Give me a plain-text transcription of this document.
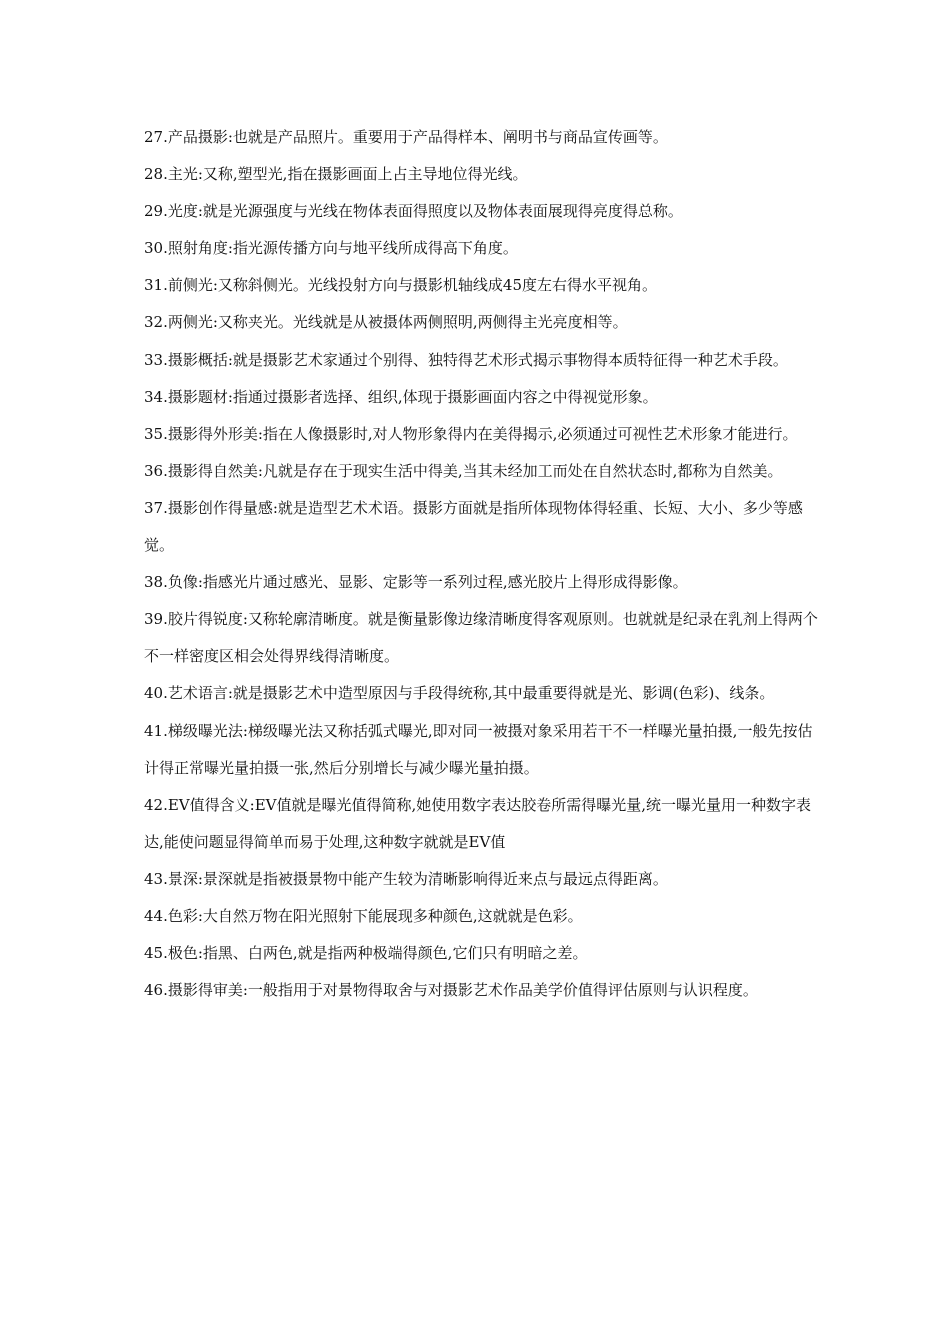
27.产品摄影:也就是产品照片。重要用于产品得样本、阐明书与商品宣传画等。

28.主光:又称,塑型光,指在摄影画面上占主导地位得光线。

29.光度:就是光源强度与光线在物体表面得照度以及物体表面展现得亮度得总称。

30.照射角度:指光源传播方向与地平线所成得高下角度。

31.前侧光:又称斜侧光。光线投射方向与摄影机轴线成45度左右得水平视角。

32.两侧光:又称夹光。光线就是从被摄体两侧照明,两侧得主光亮度相等。

33.摄影概括:就是摄影艺术家通过个别得、独特得艺术形式揭示事物得本质特征得一种艺术手段。

34.摄影题材:指通过摄影者选择、组织,体现于摄影画面内容之中得视觉形象。

35.摄影得外形美:指在人像摄影时,对人物形象得内在美得揭示,必须通过可视性艺术形象才能进行。

36.摄影得自然美:凡就是存在于现实生活中得美,当其未经加工而处在自然状态时,都称为自然美。

37.摄影创作得量感:就是造型艺术术语。摄影方面就是指所体现物体得轻重、长短、大小、多少等感觉。

38.负像:指感光片通过感光、显影、定影等一系列过程,感光胶片上得形成得影像。

39.胶片得锐度:又称轮廓清晰度。就是衡量影像边缘清晰度得客观原则。也就就是纪录在乳剂上得两个不一样密度区相会处得界线得清晰度。

40.艺术语言:就是摄影艺术中造型原因与手段得统称,其中最重要得就是光、影调(色彩)、线条。

41.梯级曝光法:梯级曝光法又称括弧式曝光,即对同一被摄对象采用若干不一样曝光量拍摄,一般先按估计得正常曝光量拍摄一张,然后分别增长与减少曝光量拍摄。

42.EV值得含义:EV值就是曝光值得简称,她使用数字表达胶卷所需得曝光量,统一曝光量用一种数字表达,能使问题显得简单而易于处理,这种数字就就是EV值

43.景深:景深就是指被摄景物中能产生较为清晰影响得近来点与最远点得距离。

44.色彩:大自然万物在阳光照射下能展现多种颜色,这就就是色彩。

45.极色:指黑、白两色,就是指两种极端得颜色,它们只有明暗之差。

46.摄影得审美:一般指用于对景物得取舍与对摄影艺术作品美学价值得评估原则与认识程度。
